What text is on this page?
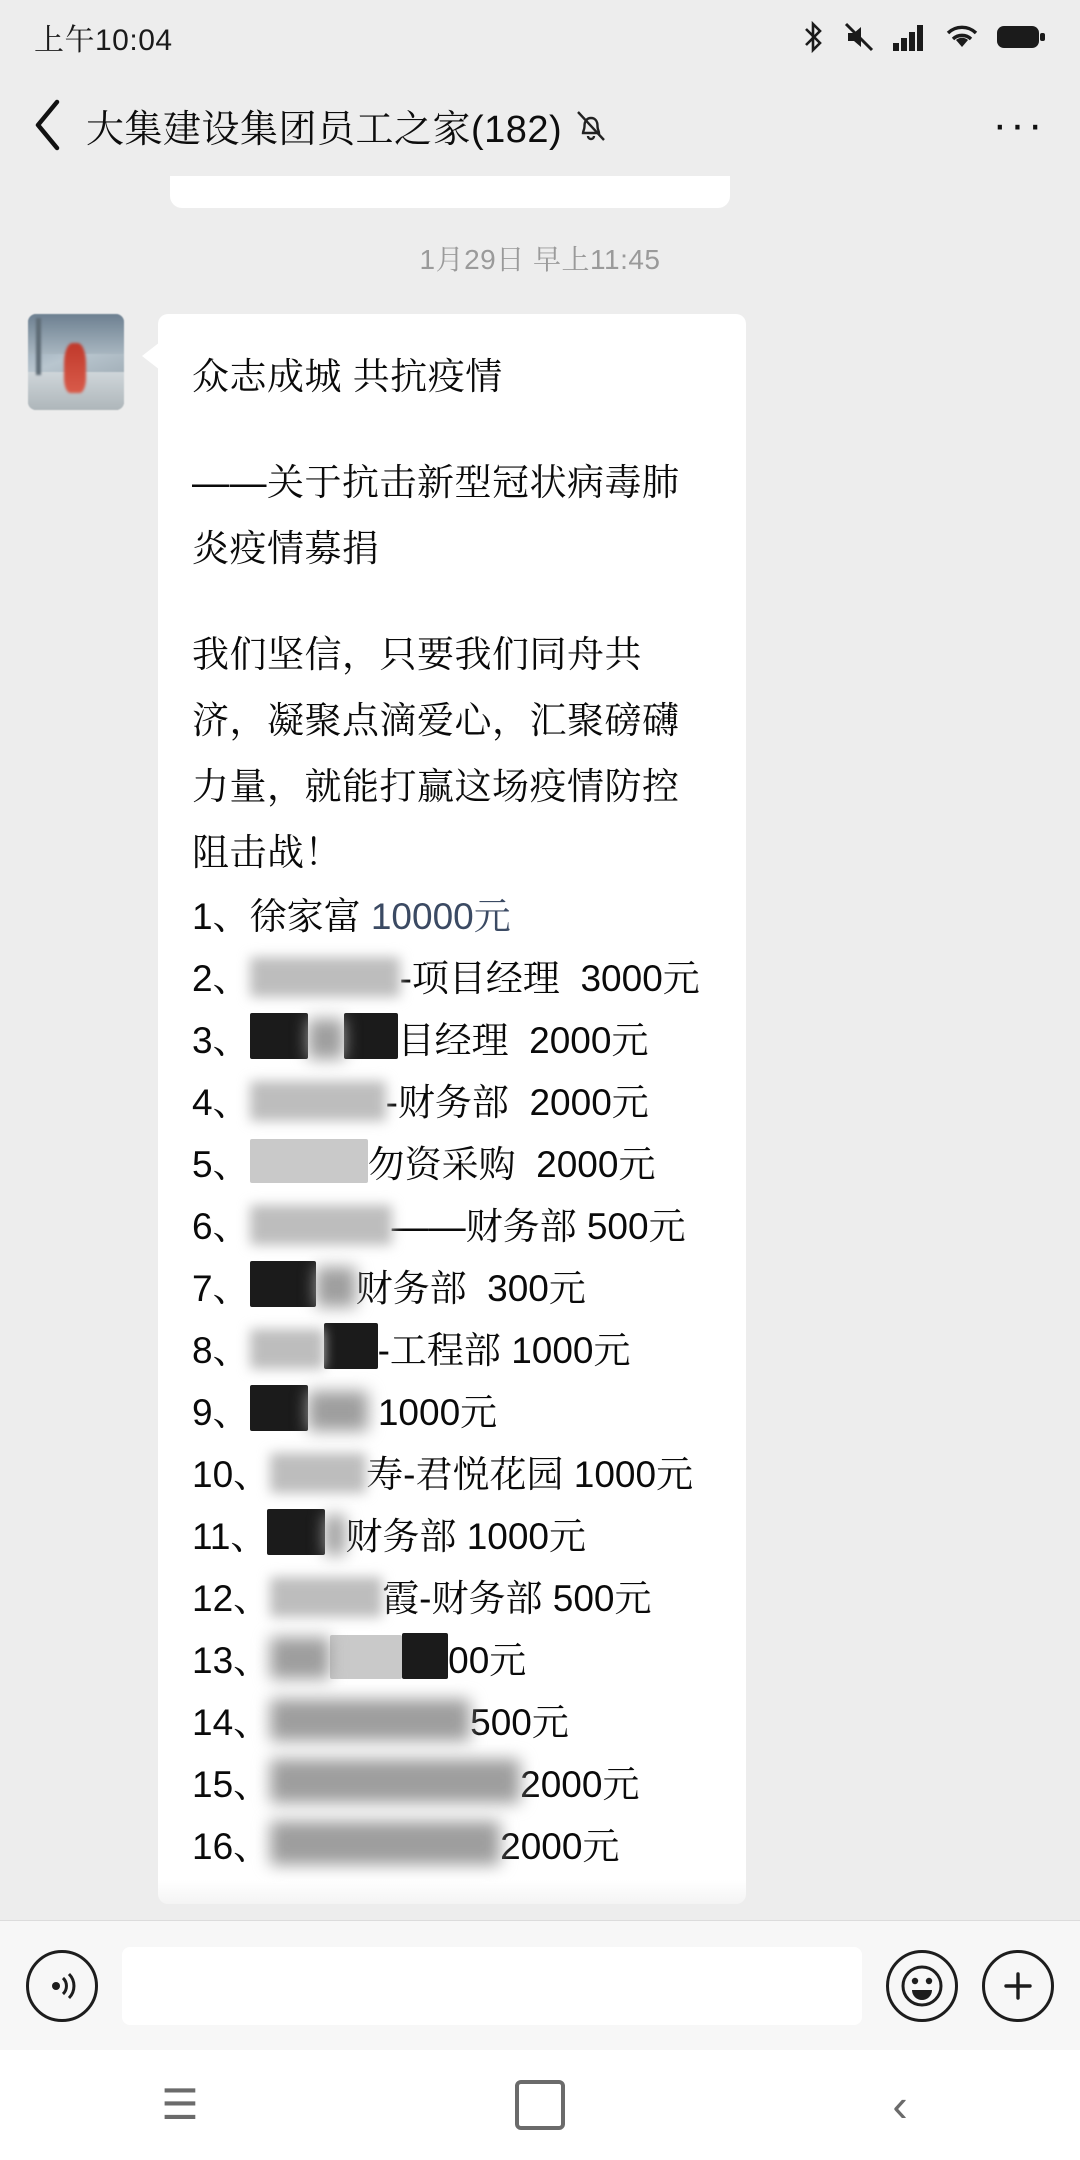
上午10:04
大集建设集团员工之家(182)	···
1月29日 早上11:45
众志成城 共抗疫情
——关于抗击新型冠状病毒肺炎疫情募捐
我们坚信，只要我们同舟共济，凝聚点滴爱心，汇聚磅礴力量，就能打赢这场疫情防控阻击战！
1、徐家富 10000元
2、	-项目经理 3000元
3、	目经理 2000元
4、	-财务部 2000元
5、	勿资采购 2000元
6、	——财务部 500元
7、	财务部 300元
8、	-工程部 1000元
9、	1000元
10、	寿-君悦花园 1000元
11、 财务部 1000元
12、	霞-财务部 500元
13、	00元
14、	500元
15、	2000元
16、	2000元
☰	‹
